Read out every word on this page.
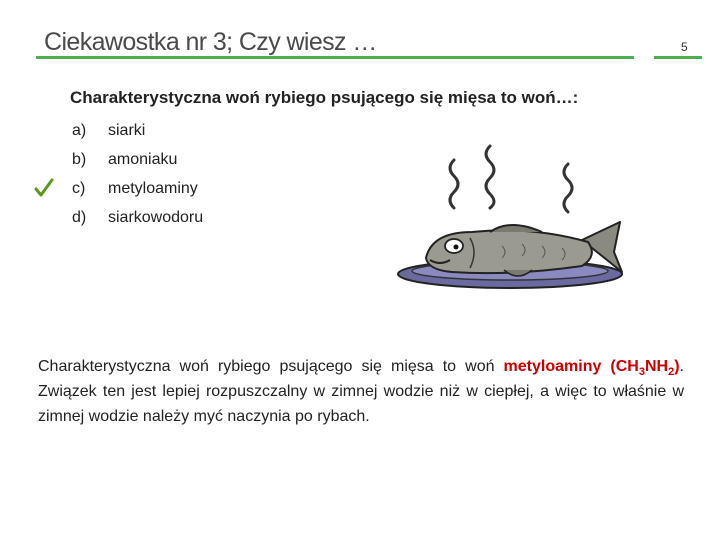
Ciekawostka nr 3; Czy wiesz …	5
Charakterystyczna woń rybiego psującego się mięsa to woń…:
a)	siarki
b)	amoniaku
c)	metyloaminy
d)	siarkowodoru
Charakterystyczna woń rybiego psującego się mięsa to woń metyloaminy $(CH_3NH_2)$. Związek ten jest lepiej rozpuszczalny w zimnej wodzie niż w ciepłej, a więc to właśnie w zimnej wodzie należy myć naczynia po rybach.
